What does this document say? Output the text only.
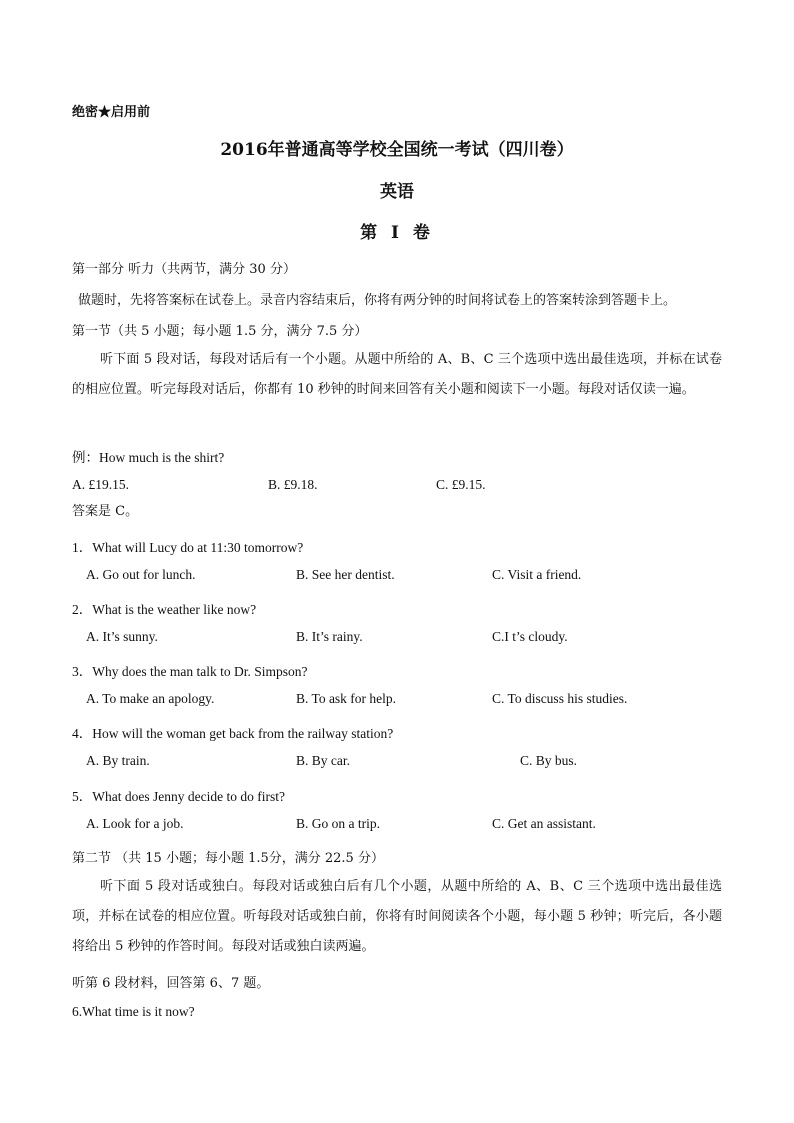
绝密★启用前
2016年普通高等学校全国统一考试（四川卷）
英语
第 I 卷
第一部分 听力（共两节，满分 30 分）
做题时，先将答案标在试卷上。录音内容结束后，你将有两分钟的时间将试卷上的答案转涂到答题卡上。
第一节（共 5 小题；每小题 1.5 分，满分 7.5 分）
听下面 5 段对话，每段对话后有一个小题。从题中所给的 A、B、C 三个选项中选出最佳选项，并标在试卷的相应位置。听完每段对话后，你都有 10 秒钟的时间来回答有关小题和阅读下一小题。每段对话仅读一遍。
例：How much is the shirt?
A. £19.15.	B. £9.18.	C. £9.15.
答案是 C。
1．What will Lucy do at 11:30 tomorrow?
A. Go out for lunch.	B. See her dentist.	C. Visit a friend.
2．What is the weather like now?
A. It’s sunny.	B. It’s rainy.	C.I t’s cloudy.
3．Why does the man talk to Dr. Simpson?
A. To make an apology.	B. To ask for help.	C. To discuss his studies.
4．How will the woman get back from the railway station?
A. By train.	B. By car.	C. By bus.
5．What does Jenny decide to do first?
A. Look for a job.	B. Go on a trip.	C. Get an assistant.
第二节 （共 15 小题；每小题 1.5分，满分 22.5 分）
听下面 5 段对话或独白。每段对话或独白后有几个小题，从题中所给的 A、B、C 三个选项中选出最佳选项，并标在试卷的相应位置。听每段对话或独白前，你将有时间阅读各个小题，每小题 5 秒钟；听完后，各小题将给出 5 秒钟的作答时间。每段对话或独白读两遍。
听第 6 段材料，回答第 6、7 题。
6.What time is it now?
